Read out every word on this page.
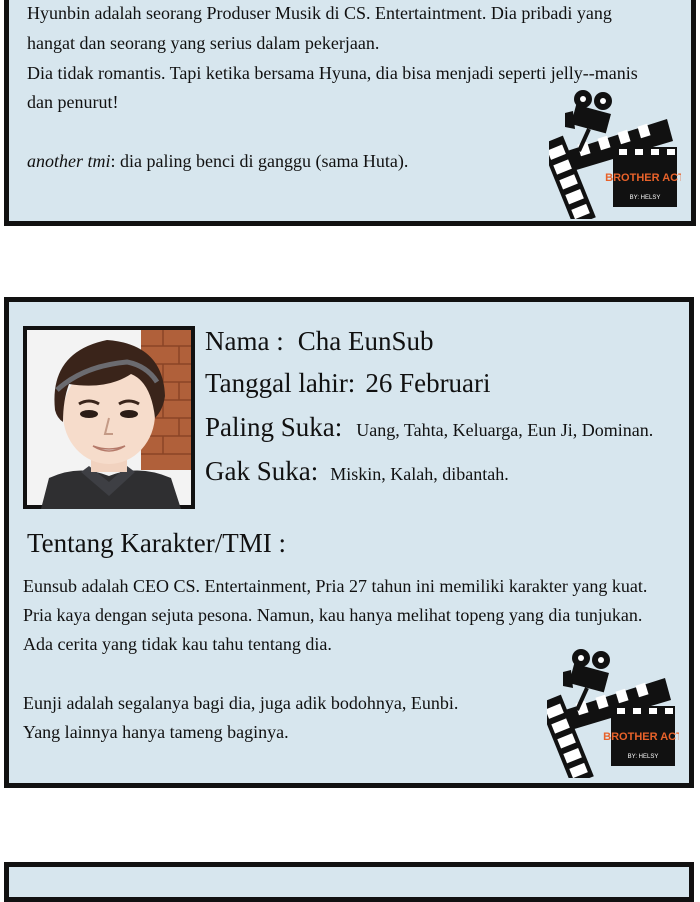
Hyunbin adalah seorang Produser Musik di CS. Entertaintment. Dia pribadi yang
hangat dan seorang yang serius dalam pekerjaan.
Dia tidak romantis. Tapi ketika bersama Hyuna, dia bisa menjadi seperti jelly--manis
dan penurut!
another tmi: dia paling benci di ganggu (sama Huta).
BROTHER ACT
BY: HELSY
Nama : Cha EunSub
Tanggal lahir: 26 Februari
Paling Suka: Uang, Tahta, Keluarga, Eun Ji, Dominan.
Gak Suka: Miskin, Kalah, dibantah.
Tentang Karakter/TMI :
Eunsub adalah CEO CS. Entertainment, Pria 27 tahun ini memiliki karakter yang kuat.
Pria kaya dengan sejuta pesona. Namun, kau hanya melihat topeng yang dia tunjukan.
Ada cerita yang tidak kau tahu tentang dia.
Eunji adalah segalanya bagi dia, juga adik bodohnya, Eunbi.
Yang lainnya hanya tameng baginya.	BROTHER ACT
BY: HELSY
